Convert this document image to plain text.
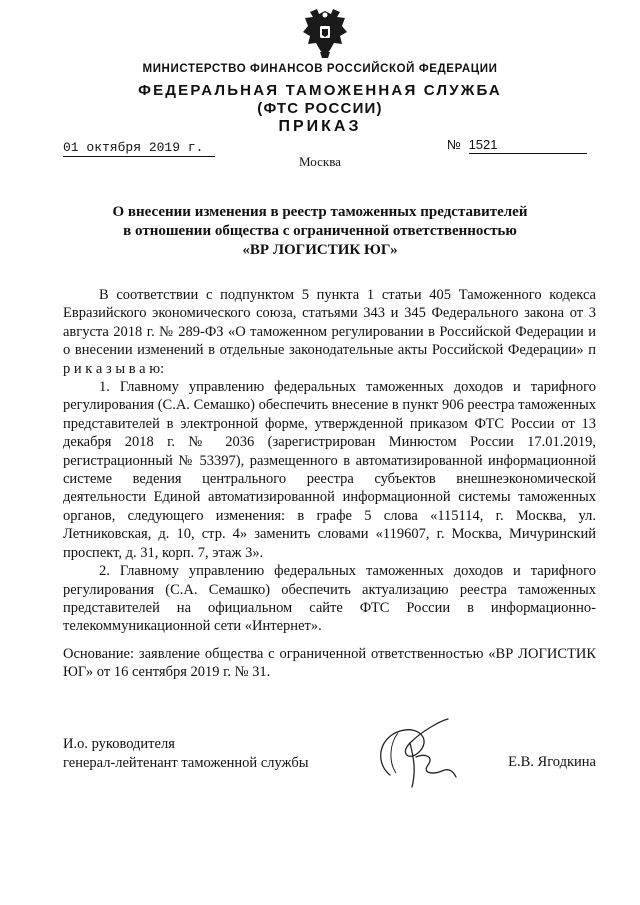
МИНИСТЕРСТВО ФИНАНСОВ РОССИЙСКОЙ ФЕДЕРАЦИИ
ФЕДЕРАЛЬНАЯ ТАМОЖЕННАЯ СЛУЖБА
(ФТС РОССИИ)
ПРИКАЗ
01 октября 2019 г.	№ 1521
Москва
О внесении изменения в реестр таможенных представителей
в отношении общества с ограниченной ответственностью
«ВР ЛОГИСТИК ЮГ»

В соответствии с подпунктом 5 пункта 1 статьи 405 Таможенного кодекса Евразийского экономического союза, статьями 343 и 345 Федерального закона от 3 августа 2018 г. № 289-ФЗ «О таможенном регулировании в Российской Федерации и о внесении изменений в отдельные законодательные акты Российской Федерации» п р и к а з ы в а ю:

1. Главному управлению федеральных таможенных доходов и тарифного регулирования (С.А. Семашко) обеспечить внесение в пункт 906 реестра таможенных представителей в электронной форме, утвержденной приказом ФТС России от 13 декабря 2018 г. № 2036 (зарегистрирован Минюстом России 17.01.2019, регистрационный № 53397), размещенного в автоматизированной информационной системе ведения центрального реестра субъектов внешнеэкономической деятельности Единой автоматизированной информационной системы таможенных органов, следующего изменения: в графе 5 слова «115114, г. Москва, ул. Летниковская, д. 10, стр. 4» заменить словами «119607, г. Москва, Мичуринский проспект, д. 31, корп. 7, этаж 3».

2. Главному управлению федеральных таможенных доходов и тарифного регулирования (С.А. Семашко) обеспечить актуализацию реестра таможенных представителей на официальном сайте ФТС России в информационно-телекоммуникационной сети «Интернет».

Основание: заявление общества с ограниченной ответственностью «ВР ЛОГИСТИК ЮГ» от 16 сентября 2019 г. № 31.

И.о. руководителя
генерал-лейтенант таможенной службы	Е.В. Ягодкина
